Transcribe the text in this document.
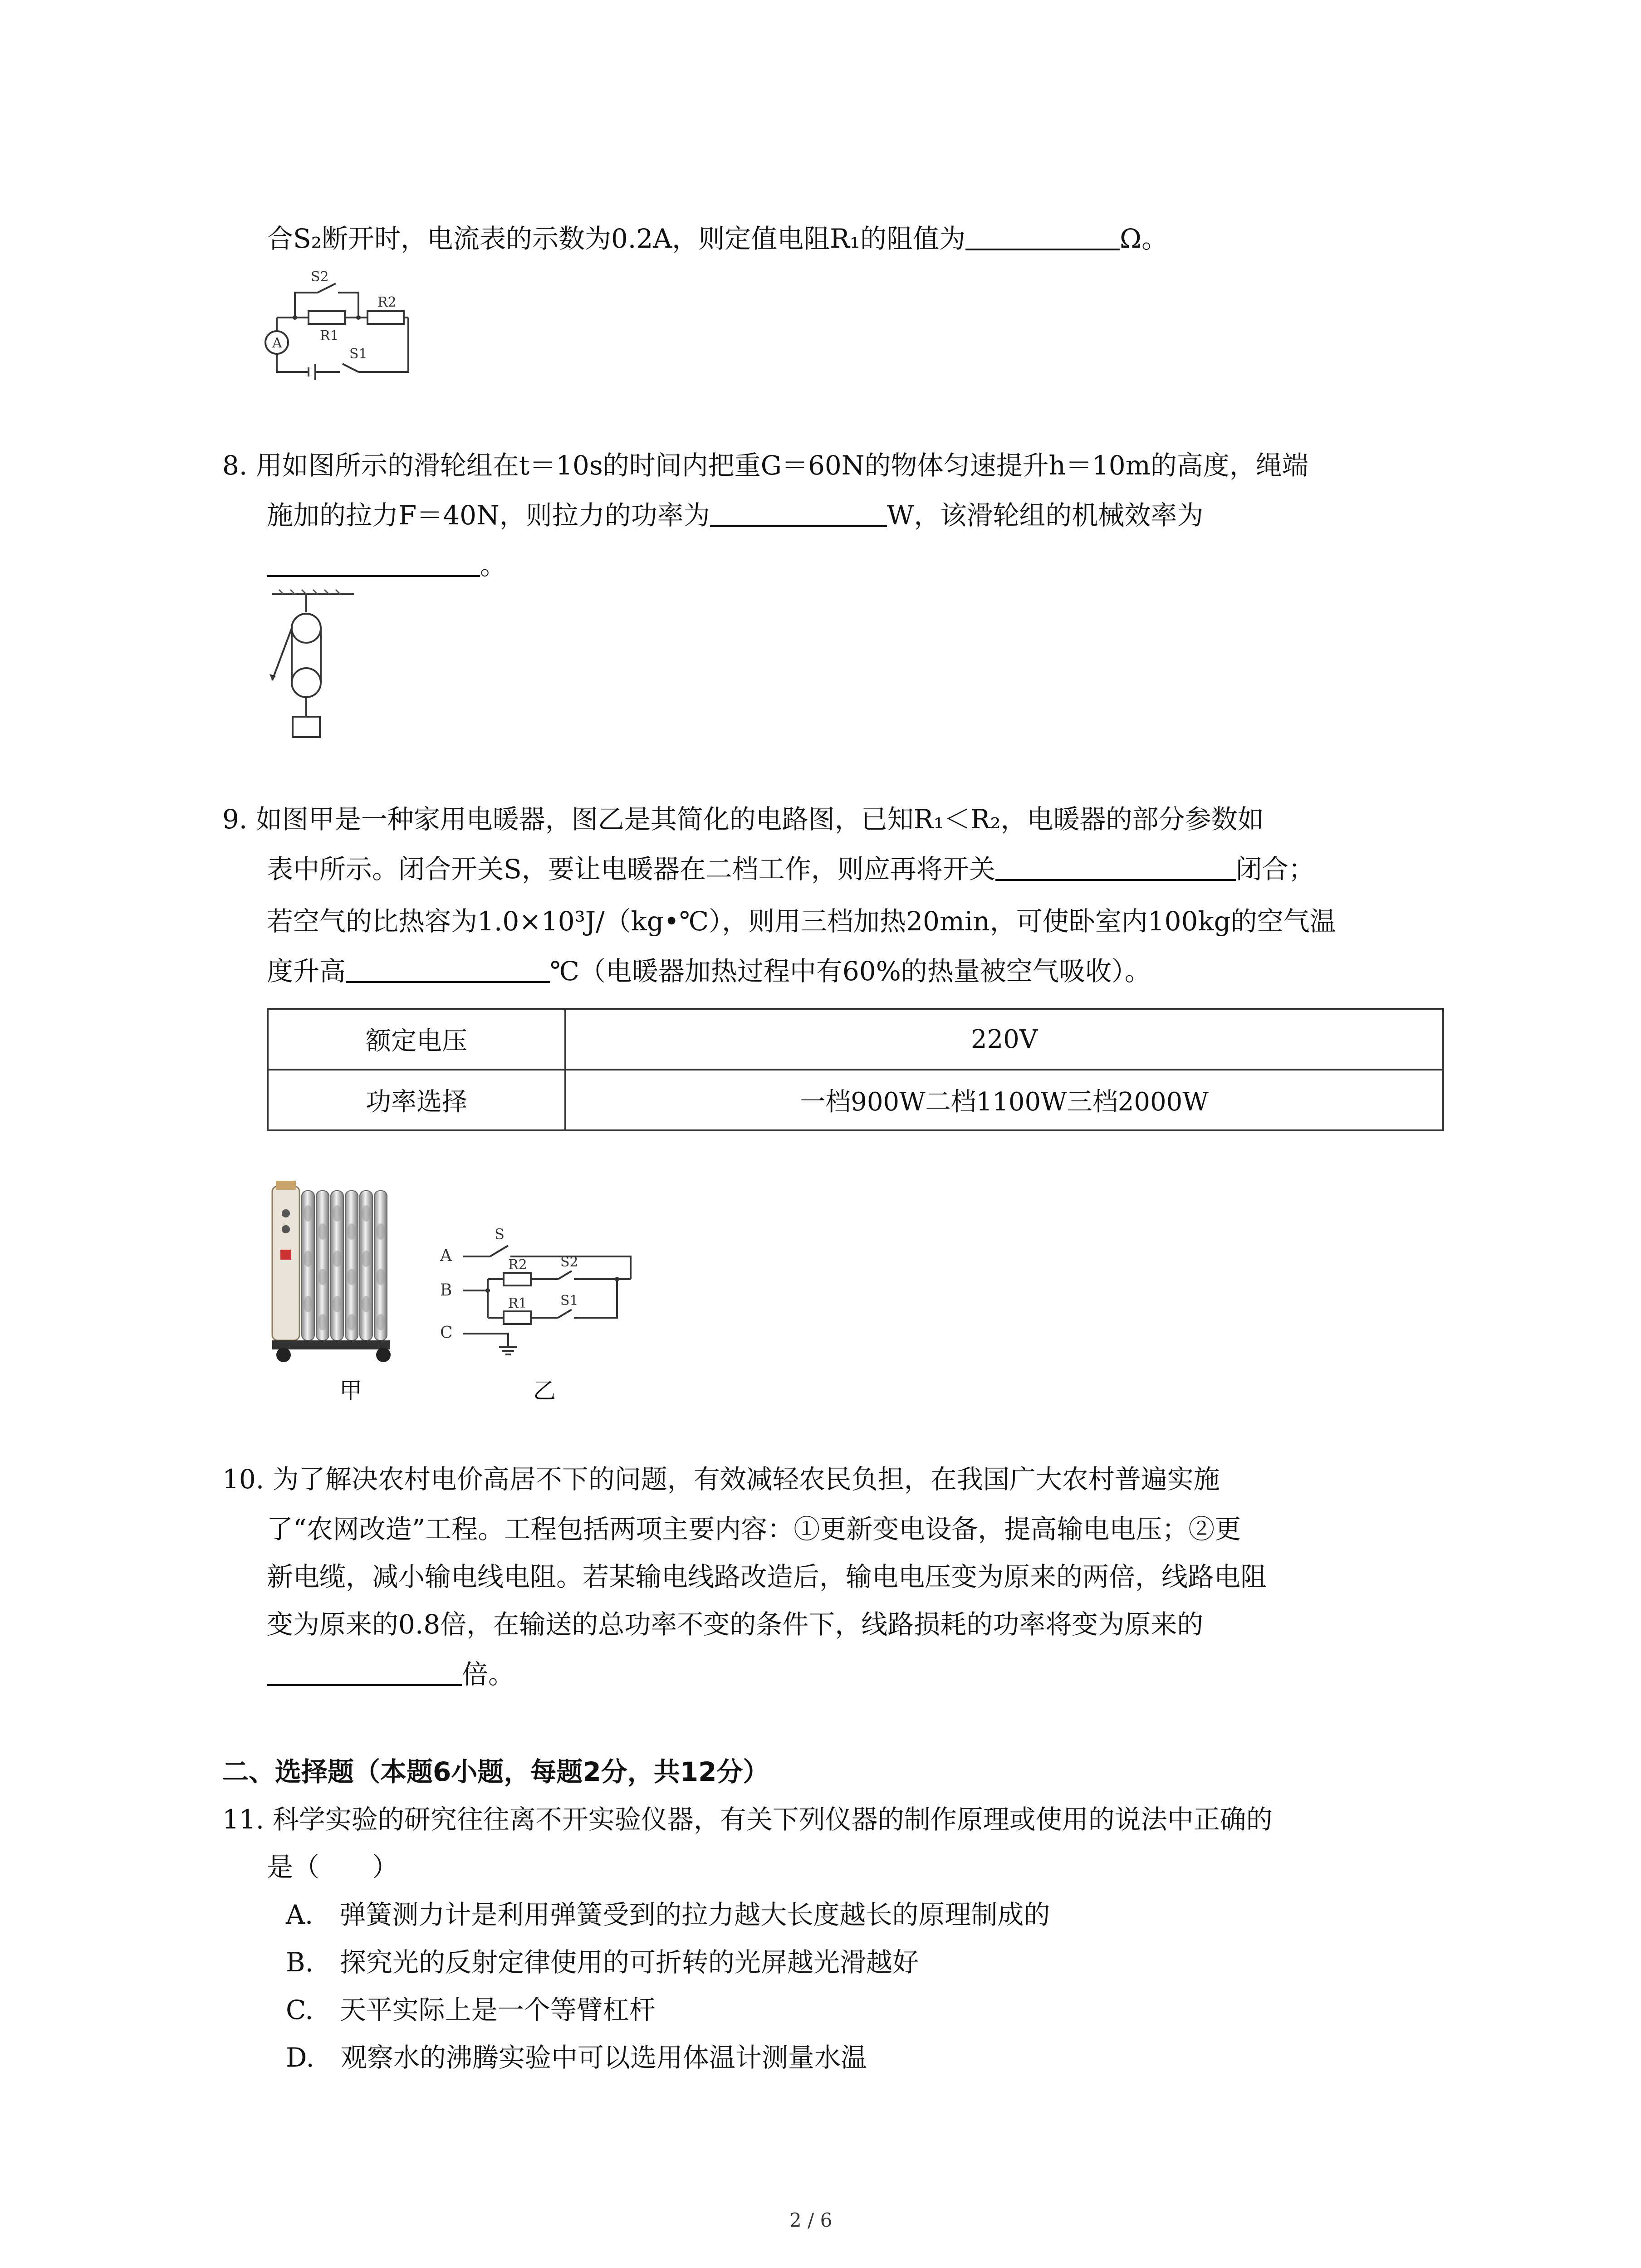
合S₂断开时，电流表的示数为0.2A，则定值电阻R₁的阻值为	Ω。
S2
R1
R2
S1
A
8. 用如图所示的滑轮组在t＝10s的时间内把重G＝60N的物体匀速提升h＝10m的高度，绳端
施加的拉力F＝40N，则拉力的功率为	W，该滑轮组的机械效率为
。
9. 如图甲是一种家用电暖器，图乙是其简化的电路图，已知R₁＜R₂，电暖器的部分参数如
表中所示。闭合开关S，要让电暖器在二档工作，则应再将开关	闭合；
若空气的比热容为1.0×10³J/（kg•℃），则用三档加热20min，可使卧室内100kg的空气温
度升高	℃（电暖器加热过程中有60%的热量被空气吸收）。
额定电压	220V
功率选择	一档900W二档1100W三档2000W
甲
S
A
B
C
R2 S2
R1 S1
乙
10. 为了解决农村电价高居不下的问题，有效减轻农民负担，在我国广大农村普遍实施
了“农网改造”工程。工程包括两项主要内容：①更新变电设备，提高输电电压；②更
新电缆，减小输电线电阻。若某输电线路改造后，输电电压变为原来的两倍，线路电阻
变为原来的0.8倍，在输送的总功率不变的条件下，线路损耗的功率将变为原来的
倍。
二、选择题（本题6小题，每题2分，共12分）
11. 科学实验的研究往往离不开实验仪器，有关下列仪器的制作原理或使用的说法中正确的
是（　　）
A.　弹簧测力计是利用弹簧受到的拉力越大长度越长的原理制成的
B.　探究光的反射定律使用的可折转的光屏越光滑越好
C.　天平实际上是一个等臂杠杆
D.　观察水的沸腾实验中可以选用体温计测量水温
2 / 6
